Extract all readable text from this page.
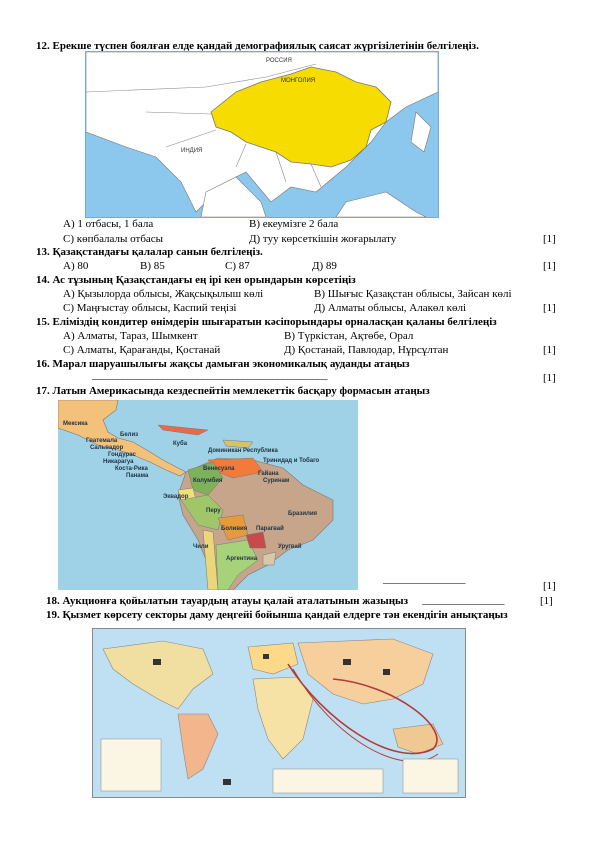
12. Ерекше түспен боялған елде қандай демографиялық саясат жүргізілетінін белгілеңіз.
РОССИЯ
МОНГОЛИЯ
ИНДИЯ
А) 1 отбасы, 1 бала	В) екеумізге 2 бала
С) көпбалалы отбасы	Д) туу көрсеткішін жоғарылату	[1]
13. Қазақстандағы қалалар санын белгілеңіз.
А) 80	В) 85	С) 87	Д) 89	[1]
14. Ас тұзының Қазақстандағы ең ірі кен орындарын көрсетіңіз
А) Қызылорда облысы, Жақсықылыш көлі	В) Шығыс Қазақстан облысы, Зайсан көлі
С) Маңғыстау облысы, Каспий теңізі	Д) Алматы облысы, Алакөл көлі	[1]
15. Еліміздің кондитер өнімдерін шығаратын кәсіпорындары орналасқан қаланы белгілеңіз
А) Алматы, Тараз, Шымкент	В) Түркістан, Ақтөбе, Орал
С) Алматы, Қарағанды, Қостанай	Д) Қостанай, Павлодар, Нұрсұлтан	[1]
16. Марал шаруашылығы жақсы дамыған экономикалық ауданды атаңыз
_______________________________________________	[1]
17. Латын Америкасында кездеспейтін мемлекеттік басқару формасын атаңыз
Мексика
Куба
Доминикан Республика
Белиз
Гватемала
Сальвадор
Гондурас
Никарагуа
Коста-Рика
Панама
Тринидад и Тобаго
Венесуэла
Гайана
Суринам
Колумбия
Эквадор
Перу	Бразилия
Боливия
Чили
Парагвай
Аргентина
Уругвай
_______________
[1]
18. Аукционға қойылатын тауардың атауы қалай аталатынын жазыңыз _______________	[1]
19. Қызмет көрсету секторы даму деңгейі бойынша қандай елдерге тән екендігін анықтаңыз
